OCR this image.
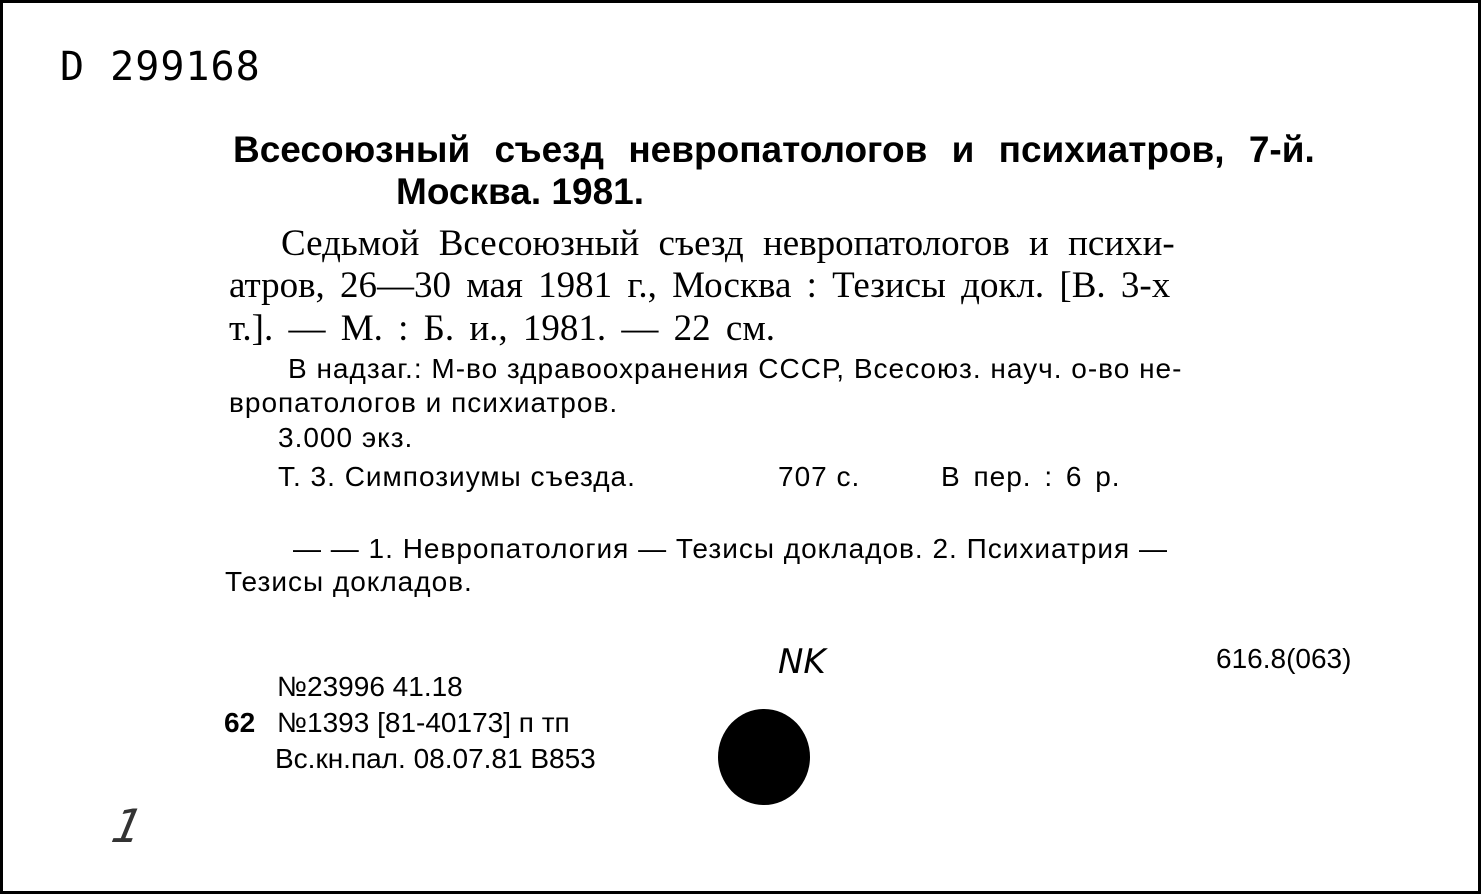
D 299168
Всесоюзный съезд невропатологов и психиатров, 7-й.
Москва. 1981.
Седьмой Всесоюзный съезд невропатологов и психи-
атров, 26—30 мая 1981 г., Москва : Тезисы докл. [В. 3-х
т.]. — М. : Б. и., 1981. — 22 см.
В надзаг.: М-во здравоохранения СССР, Всесоюз. науч. о-во не-
вропатологов и психиатров.
3.000 экз.
Т. 3. Симпозиумы съезда.	707 с.	В пер. : 6 р.
— — 1. Невропатология — Тезисы докладов. 2. Психиатрия —
Тезисы докладов.
NK	616.8(063)
№23996 41.18
62 №1393 [81-40173] п тп
Вс.кн.пал. 08.07.81 В853
1
